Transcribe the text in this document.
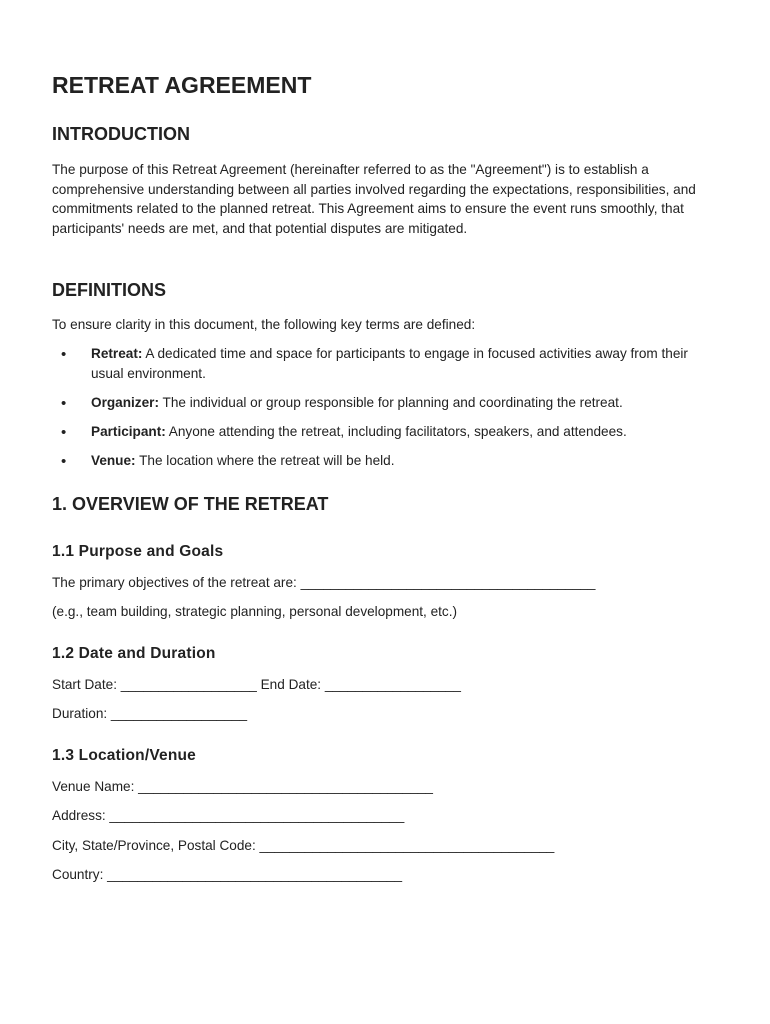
RETREAT AGREEMENT
INTRODUCTION

The purpose of this Retreat Agreement (hereinafter referred to as the "Agreement") is to establish a comprehensive understanding between all parties involved regarding the expectations, responsibilities, and commitments related to the planned retreat. This Agreement aims to ensure the event runs smoothly, that participants' needs are met, and that potential disputes are mitigated.

DEFINITIONS

To ensure clarity in this document, the following key terms are defined:

• Retreat: A dedicated time and space for participants to engage in focused activities away from their usual environment.
• Organizer: The individual or group responsible for planning and coordinating the retreat.
• Participant: Anyone attending the retreat, including facilitators, speakers, and attendees.
• Venue: The location where the retreat will be held.
1. OVERVIEW OF THE RETREAT
1.1 Purpose and Goals

The primary objectives of the retreat are: _______________________________________

(e.g., team building, strategic planning, personal development, etc.)

1.2 Date and Duration

Start Date: __________________ End Date: __________________

Duration: __________________

1.3 Location/Venue

Venue Name: _______________________________________

Address: _______________________________________

City, State/Province, Postal Code: _______________________________________

Country: _______________________________________
